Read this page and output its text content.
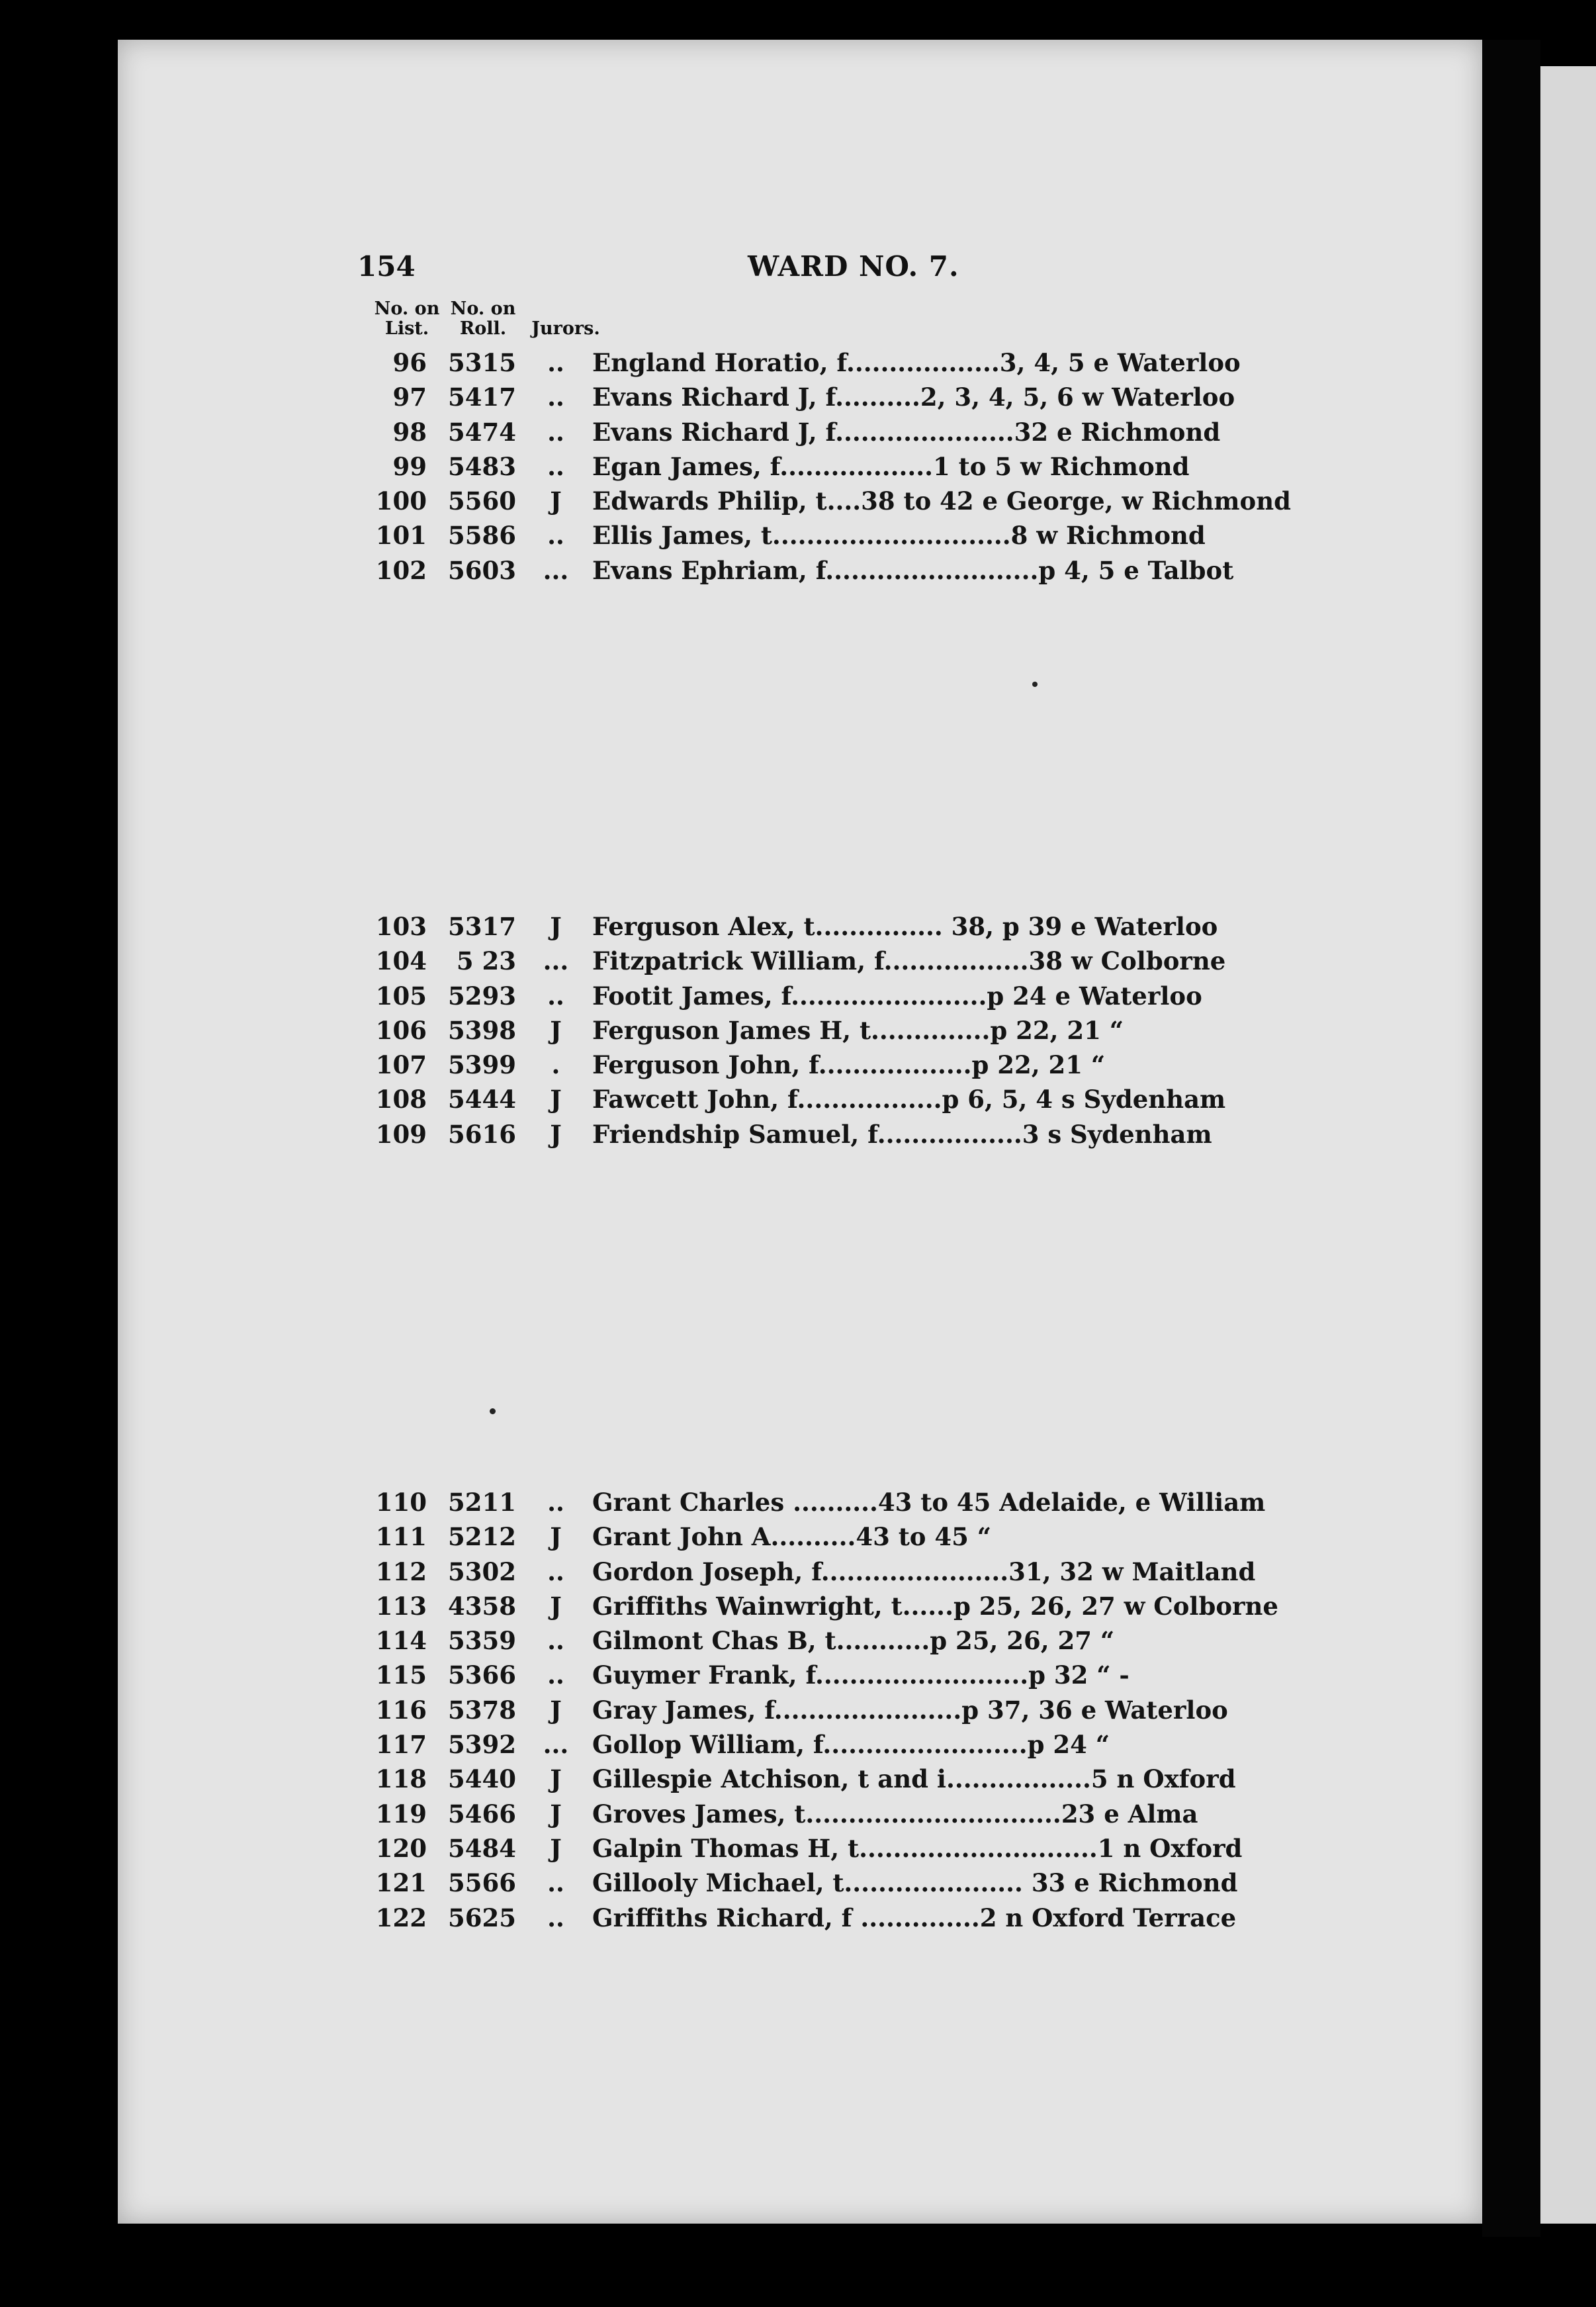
154	WARD NO. 7.
No. on List.
No. on Roll.	Jurors.
96 5315	..	England Horatio, f..................3, 4, 5 e Waterloo
97 5417	..	Evans Richard J, f..........2, 3, 4, 5, 6 w Waterloo
98 5474	..	Evans Richard J, f.....................32 e Richmond
99 5483	..	Egan James, f..................1 to 5 w Richmond
100 5560	J	Edwards Philip, t....38 to 42 e George, w Richmond
101 5586	..	Ellis James, t............................8 w Richmond
102 5603	... Evans Ephriam, f.........................p 4, 5 e Talbot
103 5317	J	Ferguson Alex, t............... 38, p 39 e Waterloo
104	5 23	... Fitzpatrick William, f.................38 w Colborne
105 5293	..	Footit James, f.......................p 24 e Waterloo
106 5398	J	Ferguson James H, t..............p 22, 21 “
107 5399	.	Ferguson John, f..................p 22, 21 “
108 5444	J	Fawcett John, f.................p 6, 5, 4 s Sydenham
109 5616	J	Friendship Samuel, f.................3 s Sydenham
110 5211	..	Grant Charles ..........43 to 45 Adelaide, e William
111 5212	J	Grant John A..........43 to 45 “
112 5302	..	Gordon Joseph, f......................31, 32 w Maitland
113 4358	J	Griffiths Wainwright, t......p 25, 26, 27 w Colborne
114 5359	..	Gilmont Chas B, t...........p 25, 26, 27 “
115 5366	..	Guymer Frank, f.........................p 32 “ -
116 5378	J	Gray James, f......................p 37, 36 e Waterloo
117 5392	... Gollop William, f........................p 24 “
118 5440	J	Gillespie Atchison, t and i.................5 n Oxford
119 5466	J	Groves James, t..............................23 e Alma
120 5484	J	Galpin Thomas H, t............................1 n Oxford
121 5566	..	Gillooly Michael, t..................... 33 e Richmond
122 5625	..	Griffiths Richard, f ..............2 n Oxford Terrace
